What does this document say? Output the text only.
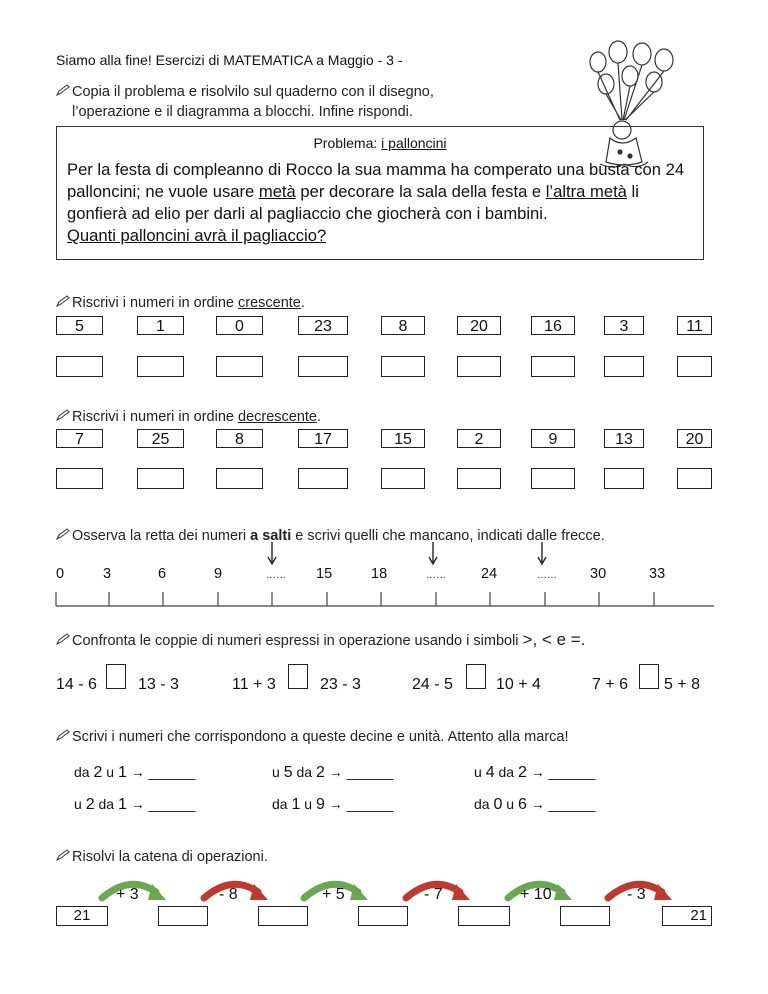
Siamo alla fine! Esercizi di MATEMATICA a Maggio - 3 -
Copia il problema e risolvilo sul quaderno con il disegno,
l’operazione e il diagramma a blocchi. Infine rispondi.
Problema: i palloncini
Per la festa di compleanno di Rocco la sua mamma ha comperato una busta con 24 palloncini; ne vuole usare metà per decorare la sala della festa e l’altra metà li gonfierà ad elio per darli al pagliaccio che giocherà con i bambini.
Quanti palloncini avrà il pagliaccio?
Riscrivi i numeri in ordine crescente.
5	1	0	23	8	20	16	3	11
Riscrivi i numeri in ordine decrescente.
7	25	8	17	15	2	9	13	20
Osserva la retta dei numeri a salti e scrivi quelli che mancano, indicati dalle frecce.
0	3	6	9	…… 15	18	…… 24	…… 30	33
Confronta le coppie di numeri espressi in operazione usando i simboli >, < e =.
14 - 6	13 - 3	11 + 3	23 - 3	24 - 5	10 + 4	7 + 6 5 + 8
Scrivi i numeri che corrispondono a queste decine e unità. Attento alla marca!
da 2 u 1 → ______	u 5 da 2 → ______	u 4 da 2 → ______
u 2 da 1 → ______	da 1 u 9 → ______	da 0 u 6 → ______
Risolvi la catena di operazioni.
+ 3	- 8	+ 5	- 7	+ 10	- 3
21	21
